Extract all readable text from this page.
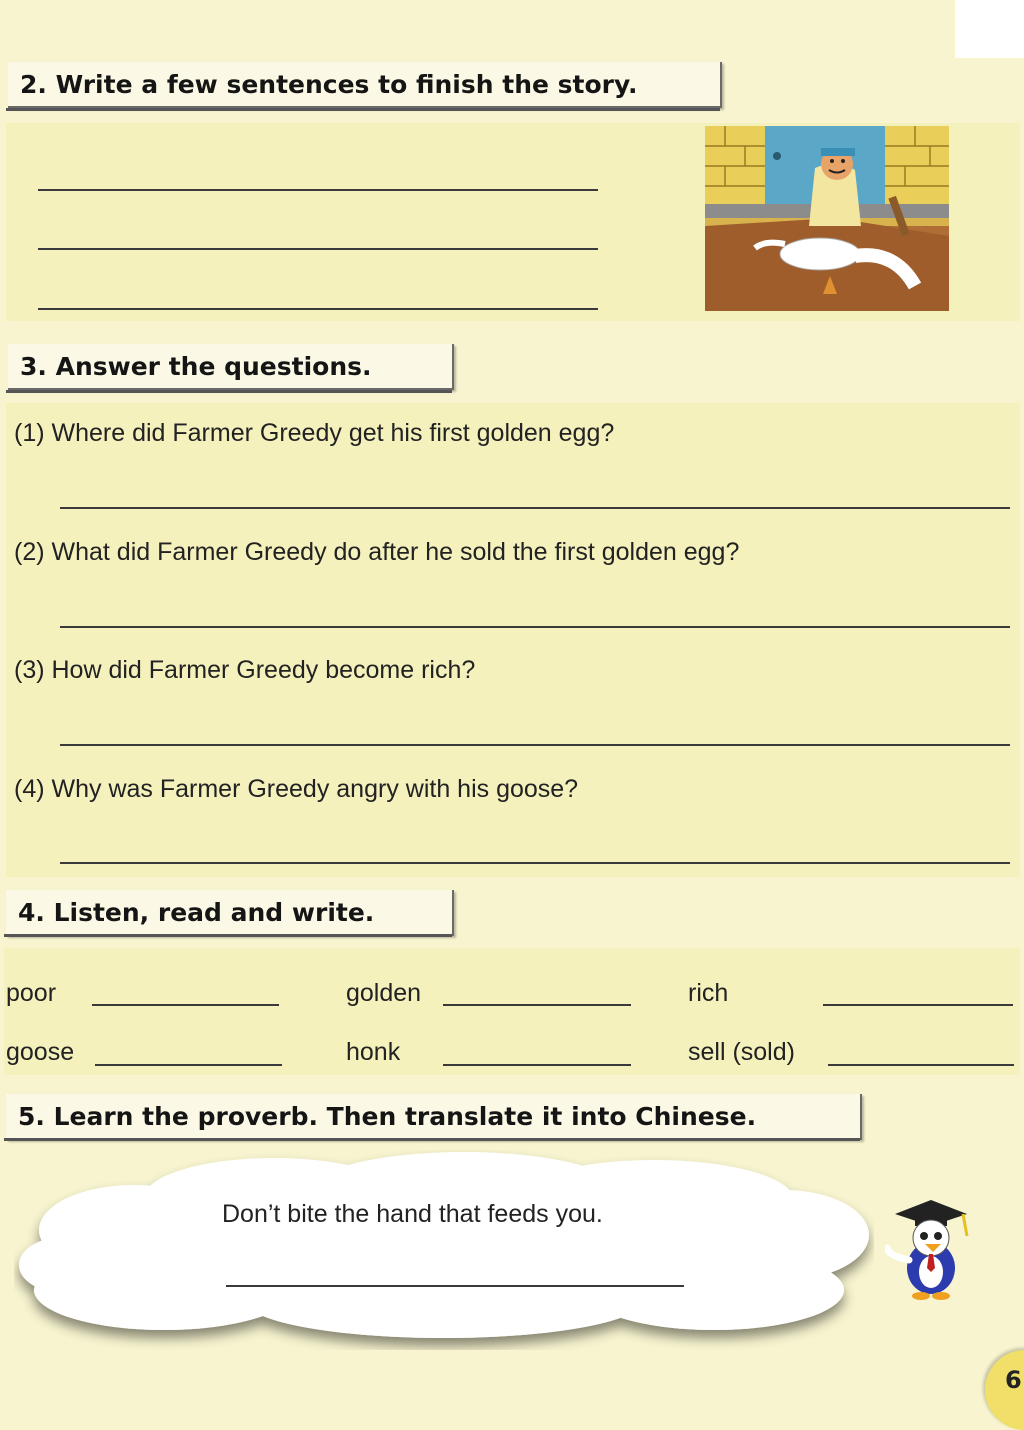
2. Write a few sentences to finish the story.
3. Answer the questions.
(1) Where did Farmer Greedy get his first golden egg?
(2) What did Farmer Greedy do after he sold the first golden egg?
(3) How did Farmer Greedy become rich?
(4) Why was Farmer Greedy angry with his goose?
4. Listen, read and write.
poor	golden	rich
goose	honk	sell (sold)
5. Learn the proverb. Then translate it into Chinese.
Don’t bite the hand that feeds you.
6
